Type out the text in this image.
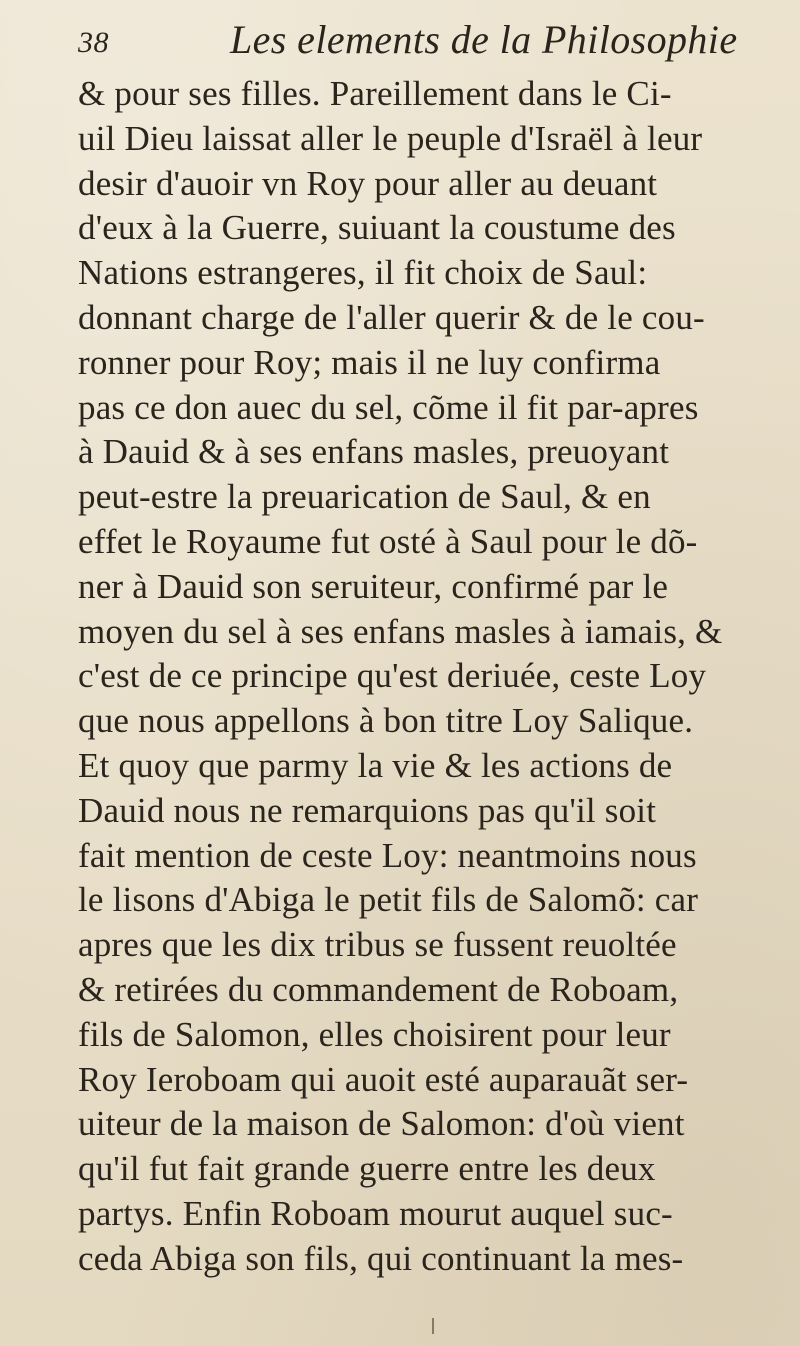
38	Les elements de la Philosophie
& pour ses filles. Pareillement dans le Ci-
uil Dieu laissat aller le peuple d'Israël à leur
desir d'auoir vn Roy pour aller au deuant
d'eux à la Guerre, suiuant la coustume des
Nations estrangeres, il fit choix de Saul:
donnant charge de l'aller querir & de le cou-
ronner pour Roy; mais il ne luy confirma
pas ce don auec du sel, cõme il fit par-apres
à Dauid & à ses enfans masles, preuoyant
peut-estre la preuarication de Saul, & en
effet le Royaume fut osté à Saul pour le dõ-
ner à Dauid son seruiteur, confirmé par le
moyen du sel à ses enfans masles à iamais, &
c'est de ce principe qu'est deriuée, ceste Loy
que nous appellons à bon titre Loy Salique.
Et quoy que parmy la vie & les actions de
Dauid nous ne remarquions pas qu'il soit
fait mention de ceste Loy: neantmoins nous
le lisons d'Abiga le petit fils de Salomõ: car
apres que les dix tribus se fussent reuoltée
& retirées du commandement de Roboam,
fils de Salomon, elles choisirent pour leur
Roy Ieroboam qui auoit esté auparauãt ser-
uiteur de la maison de Salomon: d'où vient
qu'il fut fait grande guerre entre les deux
partys. Enfin Roboam mourut auquel suc-
ceda Abiga son fils, qui continuant la mes-
